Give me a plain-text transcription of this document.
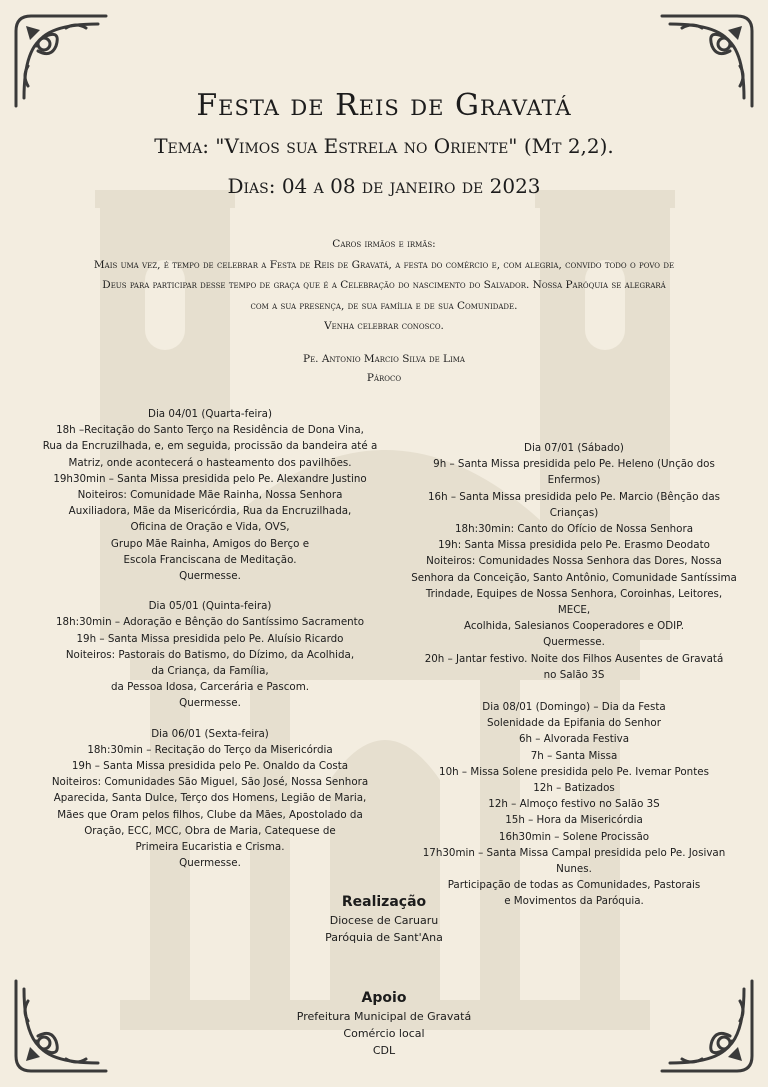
Festa de Reis de Gravatá
Tema: "Vimos sua Estrela no Oriente" (Mt 2,2).
Dias: 04 a 08 de janeiro de 2023
Caros irmãos e irmãs:
Mais uma vez, é tempo de celebrar a Festa de Reis de Gravatá, a festa do comércio e, com alegria, convido todo o povo de
Deus para participar desse tempo de graça que é a Celebração do nascimento do Salvador. Nossa Paróquia se alegrará
com a sua presença, de sua família e de sua Comunidade.
Venha celebrar conosco.
Pe. Antonio Marcio Silva de Lima
Pároco
Dia 04/01 (Quarta-feira)
18h –Recitação do Santo Terço na Residência de Dona Vina,
Rua da Encruzilhada, e, em seguida, procissão da bandeira até a
Matriz, onde acontecerá o hasteamento dos pavilhões.
19h30min – Santa Missa presidida pelo Pe. Alexandre Justino
Noiteiros: Comunidade Mãe Rainha, Nossa Senhora
Auxiliadora, Mãe da Misericórdia, Rua da Encruzilhada,
Oficina de Oração e Vida, OVS,
Grupo Mãe Rainha, Amigos do Berço e
Escola Franciscana de Meditação.
Quermesse.
Dia 05/01 (Quinta-feira)
18h:30min – Adoração e Bênção do Santíssimo Sacramento
19h – Santa Missa presidida pelo Pe. Aluísio Ricardo
Noiteiros: Pastorais do Batismo, do Dízimo, da Acolhida,
da Criança, da Família,
da Pessoa Idosa, Carcerária e Pascom.
Quermesse.
Dia 06/01 (Sexta-feira)
18h:30min – Recitação do Terço da Misericórdia
19h – Santa Missa presidida pelo Pe. Onaldo da Costa
Noiteiros: Comunidades São Miguel, São José, Nossa Senhora
Aparecida, Santa Dulce, Terço dos Homens, Legião de Maria,
Mães que Oram pelos filhos, Clube da Mães, Apostolado da
Oração, ECC, MCC, Obra de Maria, Catequese de
Primeira Eucaristia e Crisma.
Quermesse.
Dia 07/01 (Sábado)
9h – Santa Missa presidida pelo Pe. Heleno (Unção dos
Enfermos)
16h – Santa Missa presidida pelo Pe. Marcio (Bênção das
Crianças)
18h:30min: Canto do Ofício de Nossa Senhora
19h: Santa Missa presidida pelo Pe. Erasmo Deodato
Noiteiros: Comunidades Nossa Senhora das Dores, Nossa
Senhora da Conceição, Santo Antônio, Comunidade Santíssima
Trindade, Equipes de Nossa Senhora, Coroinhas, Leitores,
MECE,
Acolhida, Salesianos Cooperadores e ODIP.
Quermesse.
20h – Jantar festivo. Noite dos Filhos Ausentes de Gravatá
no Salão 3S
Dia 08/01 (Domingo) – Dia da Festa
Solenidade da Epifania do Senhor
6h – Alvorada Festiva
7h – Santa Missa
10h – Missa Solene presidida pelo Pe. Ivemar Pontes
12h – Batizados
12h – Almoço festivo no Salão 3S
15h – Hora da Misericórdia
16h30min – Solene Procissão
17h30min – Santa Missa Campal presidida pelo Pe. Josivan
Nunes.
Participação de todas as Comunidades, Pastorais
e Movimentos da Paróquia.
Realização
Diocese de Caruaru
Paróquia de Sant'Ana
Apoio
Prefeitura Municipal de Gravatá
Comércio local
CDL
